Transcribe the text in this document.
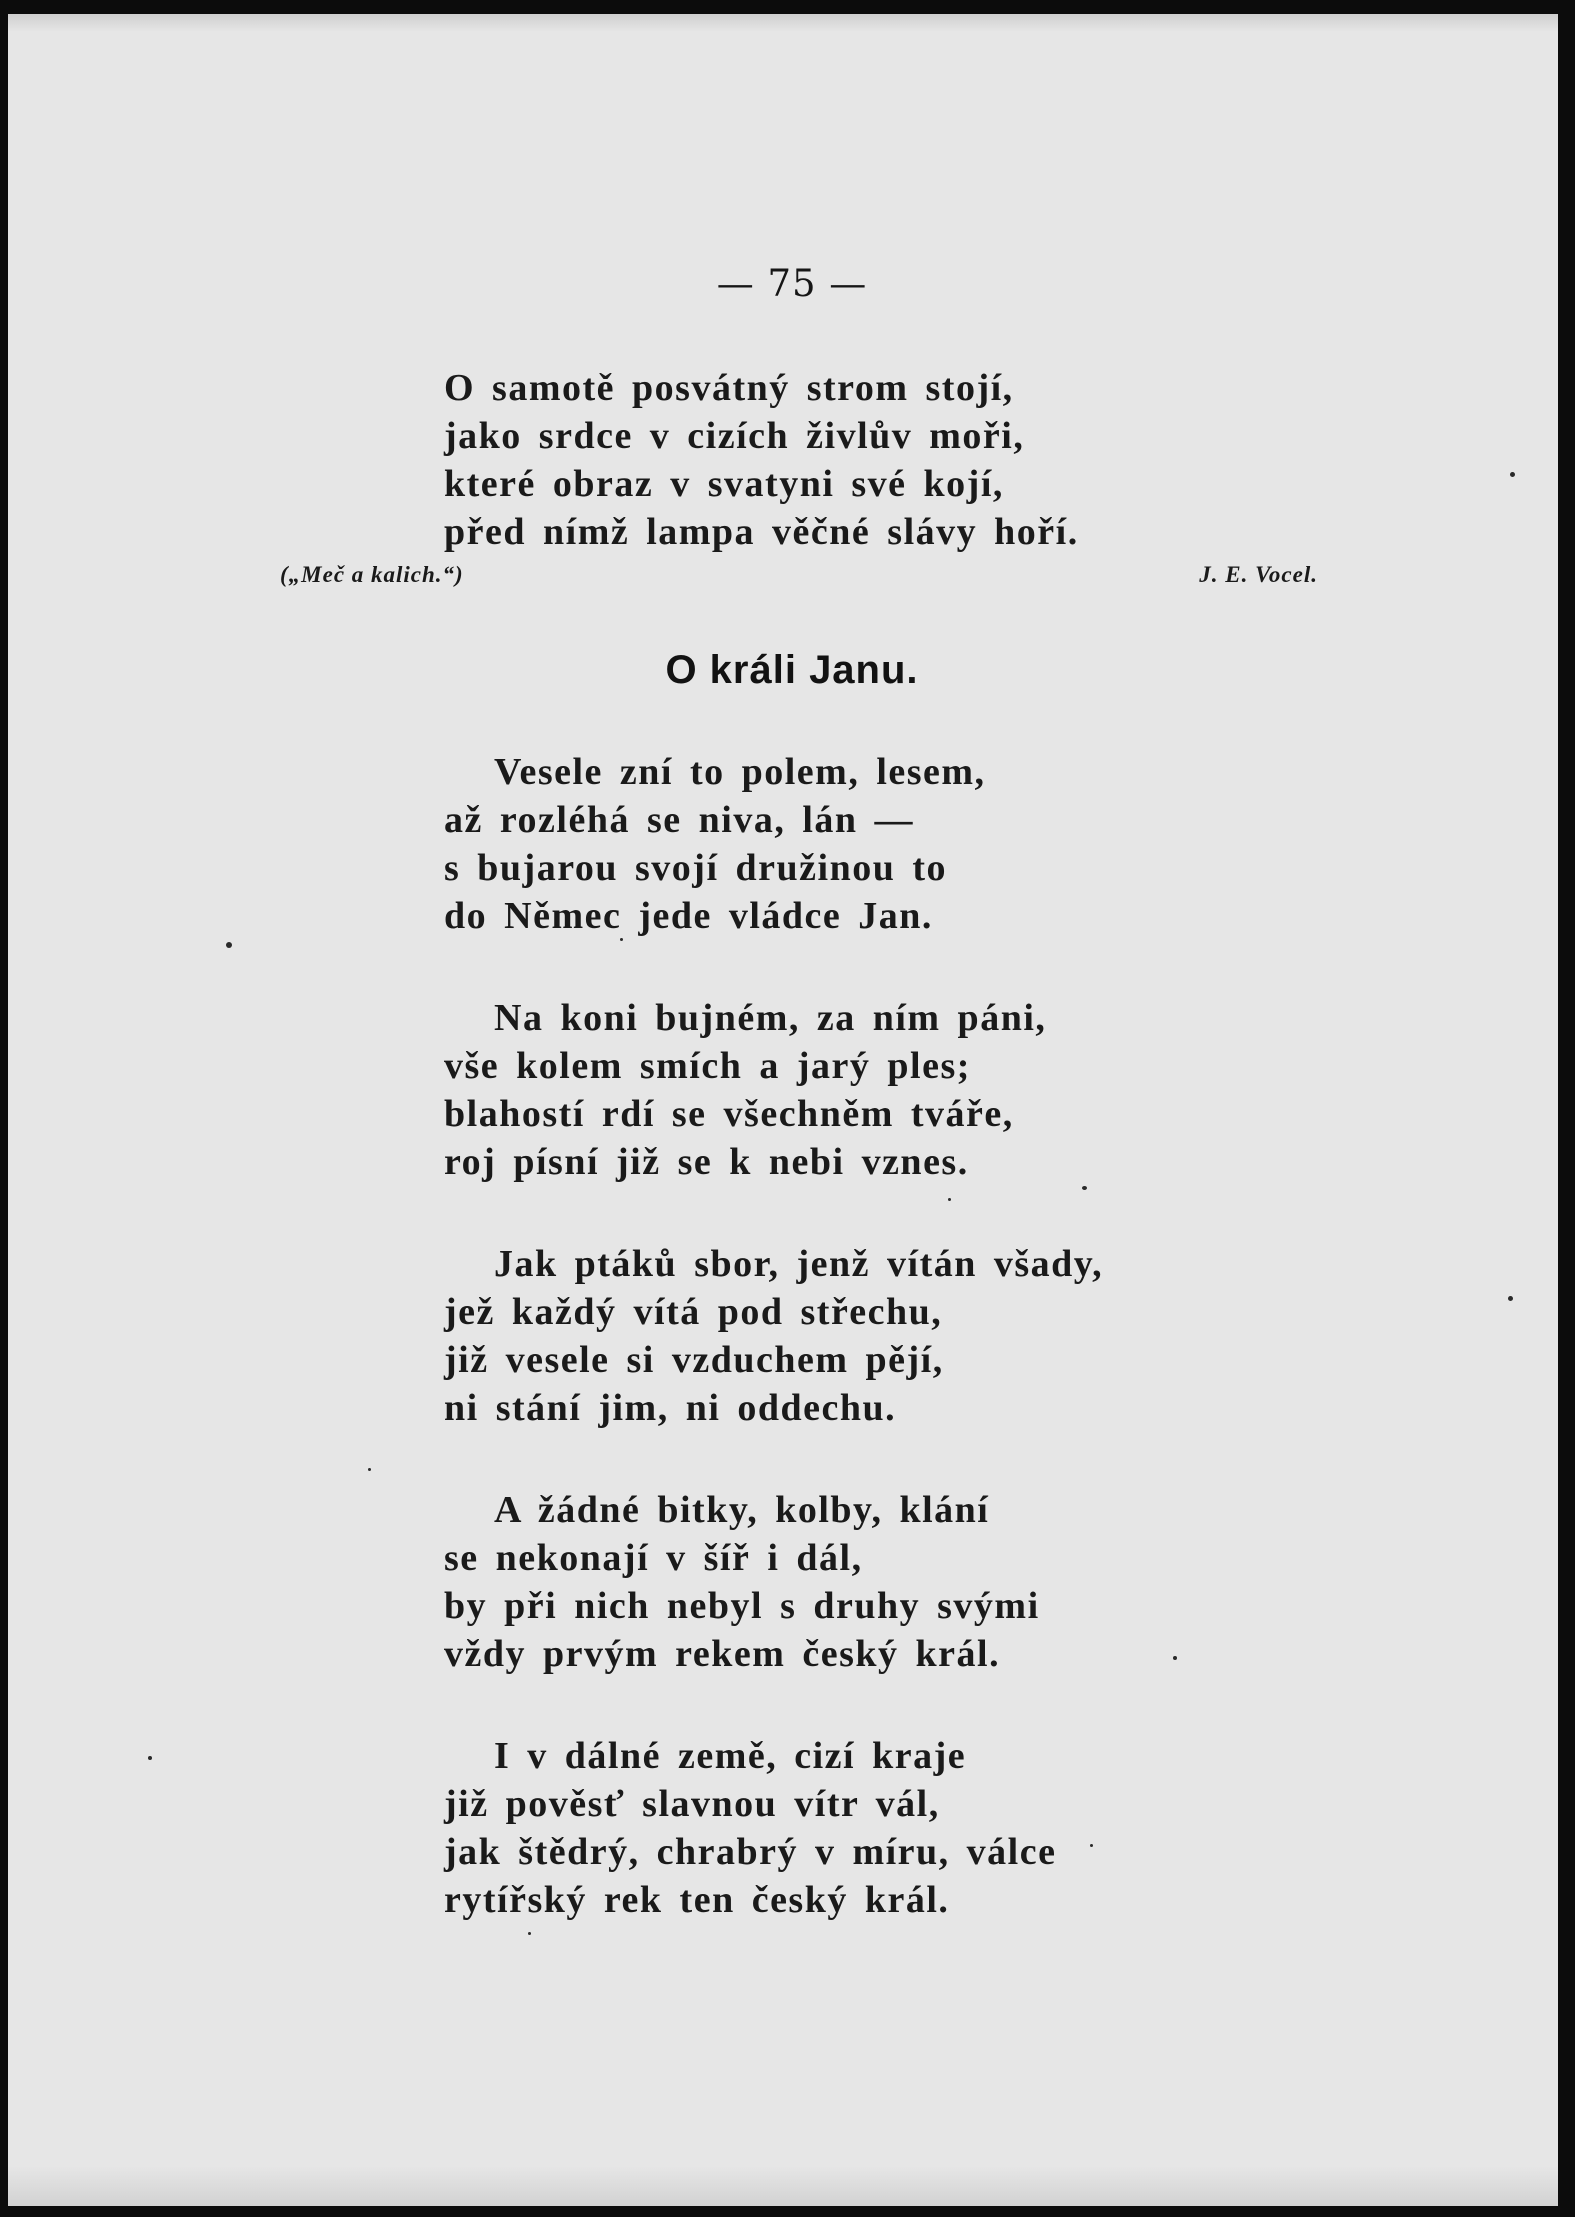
— 75 —
O samotě posvátný strom stojí,
jako srdce v cizích živlův moři,
které obraz v svatyni své kojí,
před nímž lampa věčné slávy hoří.
(„Meč a kalich.“)	J. E. Vocel.
O králi Janu.
Vesele zní to polem, lesem,
až rozléhá se niva, lán —
s bujarou svojí družinou to
do Němec jede vládce Jan.
Na koni bujném, za ním páni,
vše kolem smích a jarý ples;
blahostí rdí se všechněm tváře,
roj písní již se k nebi vznes.
Jak ptáků sbor, jenž vítán všady,
jež každý vítá pod střechu,
již vesele si vzduchem pějí,
ni stání jim, ni oddechu.
A žádné bitky, kolby, klání
se nekonají v šíř i dál,
by při nich nebyl s druhy svými
vždy prvým rekem český král.
I v dálné země, cizí kraje
již pověsť slavnou vítr vál,
jak štědrý, chrabrý v míru, válce
rytířský rek ten český král.
